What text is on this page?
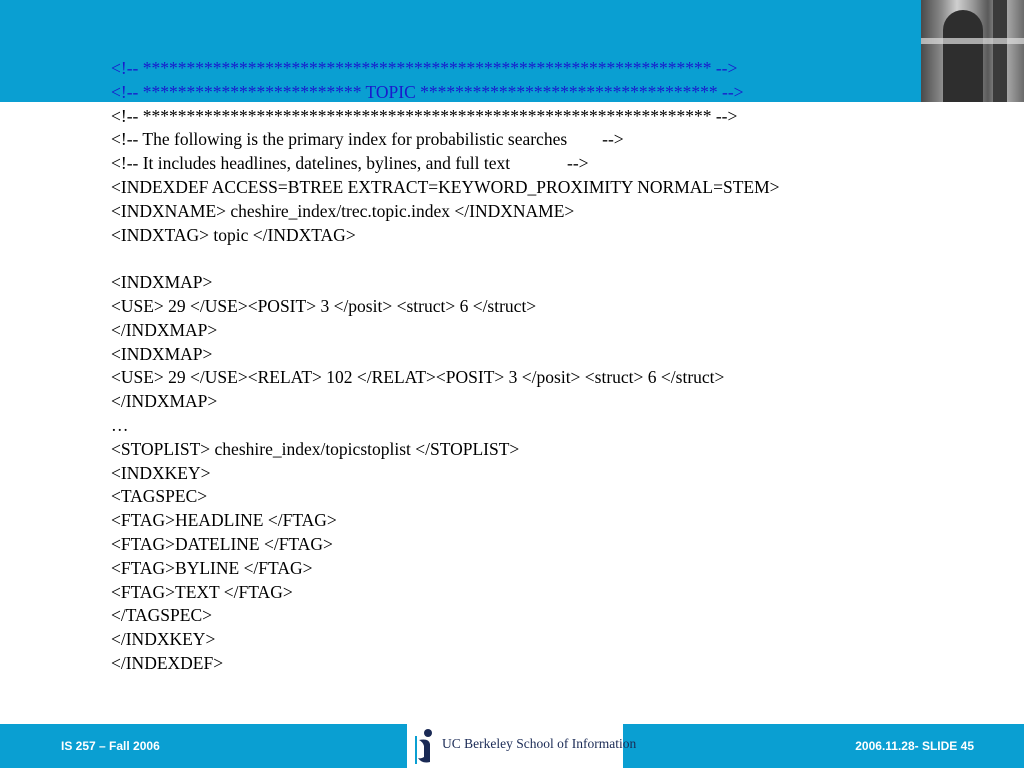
<!-- ***************************************************************** -->
<!-- ************************* TOPIC ********************************** -->
<!-- ***************************************************************** -->
<!-- The following is the primary index for probabilistic searches        -->
<!-- It includes headlines, datelines, bylines, and full text             -->
<INDEXDEF ACCESS=BTREE EXTRACT=KEYWORD_PROXIMITY NORMAL=STEM>
<INDXNAME> cheshire_index/trec.topic.index </INDXNAME>
<INDXTAG> topic </INDXTAG>
<INDXMAP>
<USE> 29 </USE><POSIT> 3 </posit> <struct> 6 </struct>
</INDXMAP>
<INDXMAP>
<USE> 29 </USE><RELAT> 102 </RELAT><POSIT> 3 </posit> <struct> 6 </struct>
</INDXMAP>
…
<STOPLIST> cheshire_index/topicstoplist </STOPLIST>
<INDXKEY>
<TAGSPEC>
<FTAG>HEADLINE </FTAG>
<FTAG>DATELINE </FTAG>
<FTAG>BYLINE </FTAG>
<FTAG>TEXT </FTAG>
</TAGSPEC>
</INDXKEY>
</INDEXDEF>
IS 257 – Fall 2006	UC Berkeley School of Information	2006.11.28- SLIDE 45
